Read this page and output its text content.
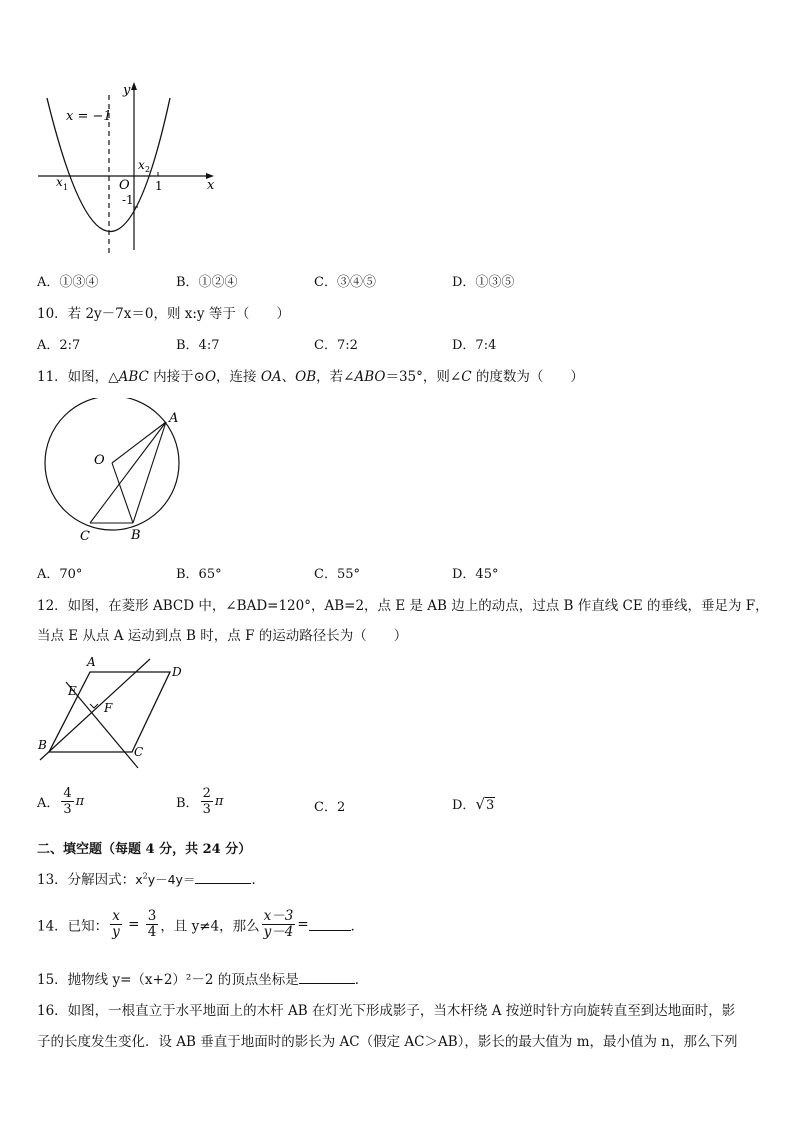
x
y
O
x = −1
x 1
x 2
1
-1
A．①③④	B．①②④	C．③④⑤	D．①③⑤
10．若 2y－7x＝0，则 x:y 等于（　　）
A．2:7	B．4:7	C．7:2	D．7:4
11．如图，△ABC 内接于⊙O，连接 OA、OB，若∠ABO＝35°，则∠C 的度数为（　　）
A
O
C	B
A．70°	B．65°	C．55°	D．45°
12．如图，在菱形 ABCD 中，∠BAD=120°，AB=2，点 E 是 AB 边上的动点，过点 B 作直线 CE 的垂线，垂足为 F，
当点 E 从点 A 运动到点 B 时，点 F 的运动路径长为（　　）
A
D
E
F
B	C
A． $\frac{4}{3}$ π	B． $\frac{2}{3}$ π	C．2	D．√3
二、填空题（每题 4 分，共 24 分）
13．分解因式：$x^2y-4y=$	．
14．已知： $\frac{x}{y} = \frac{3}{4}$ ，且 y≠4，那么 $\frac{x-3}{y-4}$ =	．
15．抛物线 y=（x+2）²－2 的顶点坐标是	．
16．如图，一根直立于水平地面上的木杆 AB 在灯光下形成影子，当木杆绕 A 按逆时针方向旋转直至到达地面时，影
子的长度发生变化．设 AB 垂直于地面时的影长为 AC（假定 AC＞AB），影长的最大值为 m，最小值为 n，那么下列
